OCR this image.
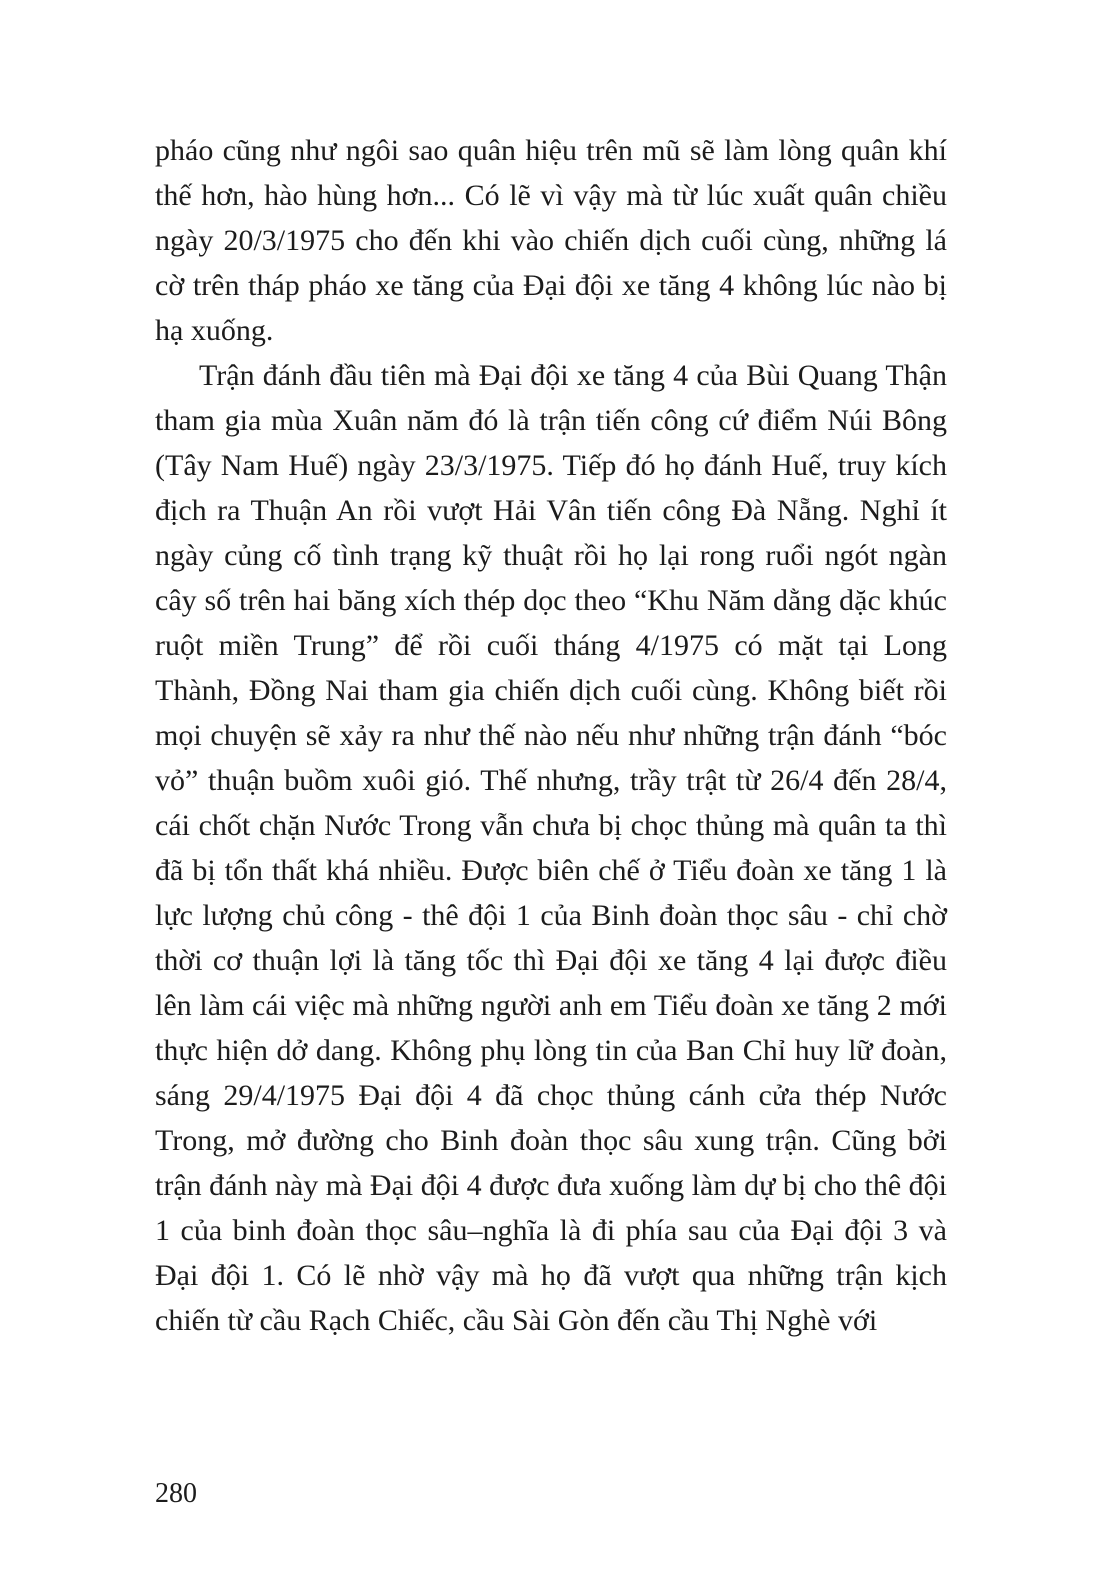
pháo cũng như ngôi sao quân hiệu trên mũ sẽ làm lòng quân khí thế hơn, hào hùng hơn... Có lẽ vì vậy mà từ lúc xuất quân chiều ngày 20/3/1975 cho đến khi vào chiến dịch cuối cùng, những lá cờ trên tháp pháo xe tăng của Đại đội xe tăng 4 không lúc nào bị hạ xuống.

Trận đánh đầu tiên mà Đại đội xe tăng 4 của Bùi Quang Thận tham gia mùa Xuân năm đó là trận tiến công cứ điểm Núi Bông (Tây Nam Huế) ngày 23/3/1975. Tiếp đó họ đánh Huế, truy kích địch ra Thuận An rồi vượt Hải Vân tiến công Đà Nẵng. Nghỉ ít ngày củng cố tình trạng kỹ thuật rồi họ lại rong ruổi ngót ngàn cây số trên hai băng xích thép dọc theo “Khu Năm dằng dặc khúc ruột miền Trung” để rồi cuối tháng 4/1975 có mặt tại Long Thành, Đồng Nai tham gia chiến dịch cuối cùng. Không biết rồi mọi chuyện sẽ xảy ra như thế nào nếu như những trận đánh “bóc vỏ” thuận buồm xuôi gió. Thế nhưng, trầy trật từ 26/4 đến 28/4, cái chốt chặn Nước Trong vẫn chưa bị chọc thủng mà quân ta thì đã bị tổn thất khá nhiều. Được biên chế ở Tiểu đoàn xe tăng 1 là lực lượng chủ công - thê đội 1 của Binh đoàn thọc sâu - chỉ chờ thời cơ thuận lợi là tăng tốc thì Đại đội xe tăng 4 lại được điều lên làm cái việc mà những người anh em Tiểu đoàn xe tăng 2 mới thực hiện dở dang. Không phụ lòng tin của Ban Chỉ huy lữ đoàn, sáng 29/4/1975 Đại đội 4 đã chọc thủng cánh cửa thép Nước Trong, mở đường cho Binh đoàn thọc sâu xung trận. Cũng bởi trận đánh này mà Đại đội 4 được đưa xuống làm dự bị cho thê đội 1 của binh đoàn thọc sâu–nghĩa là đi phía sau của Đại đội 3 và Đại đội 1. Có lẽ nhờ vậy mà họ đã vượt qua những trận kịch chiến từ cầu Rạch Chiếc, cầu Sài Gòn đến cầu Thị Nghè với

280
